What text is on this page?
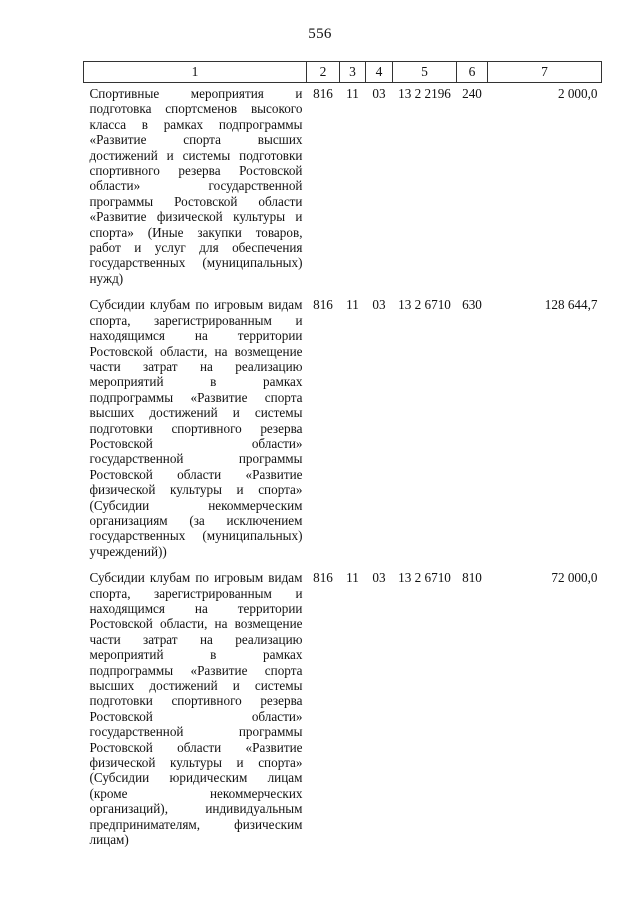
556
1	2	3	4	5	6	7
Спортивные мероприятия и подготовка спортсменов высокого класса в рамках подпрограммы «Развитие спорта высших достижений и системы подготовки спортивного резерва Ростовской области» государственной программы Ростовской области «Развитие физической культуры и спорта» (Иные закупки товаров, работ и услуг для обеспечения государственных (муниципальных) нужд)	816	11	03	13 2 2196	240	2 000,0
Субсидии клубам по игровым видам спорта, зарегистрированным и находящимся на территории Ростовской области, на возмещение части затрат на реализацию мероприятий в рамках подпрограммы «Развитие спорта высших достижений и системы подготовки спортивного резерва Ростовской области» государственной программы Ростовской области «Развитие физической культуры и спорта» (Субсидии некоммерческим организациям (за исключением государственных (муниципальных) учреждений))	816	11	03	13 2 6710	630	128 644,7
Субсидии клубам по игровым видам спорта, зарегистрированным и находящимся на территории Ростовской области, на возмещение части затрат на реализацию мероприятий в рамках подпрограммы «Развитие спорта высших достижений и системы подготовки спортивного резерва Ростовской области» государственной программы Ростовской области «Развитие физической культуры и спорта» (Субсидии юридическим лицам (кроме некоммерческих организаций), индивидуальным предпринимателям, физическим лицам)	816	11	03	13 2 6710	810	72 000,0
